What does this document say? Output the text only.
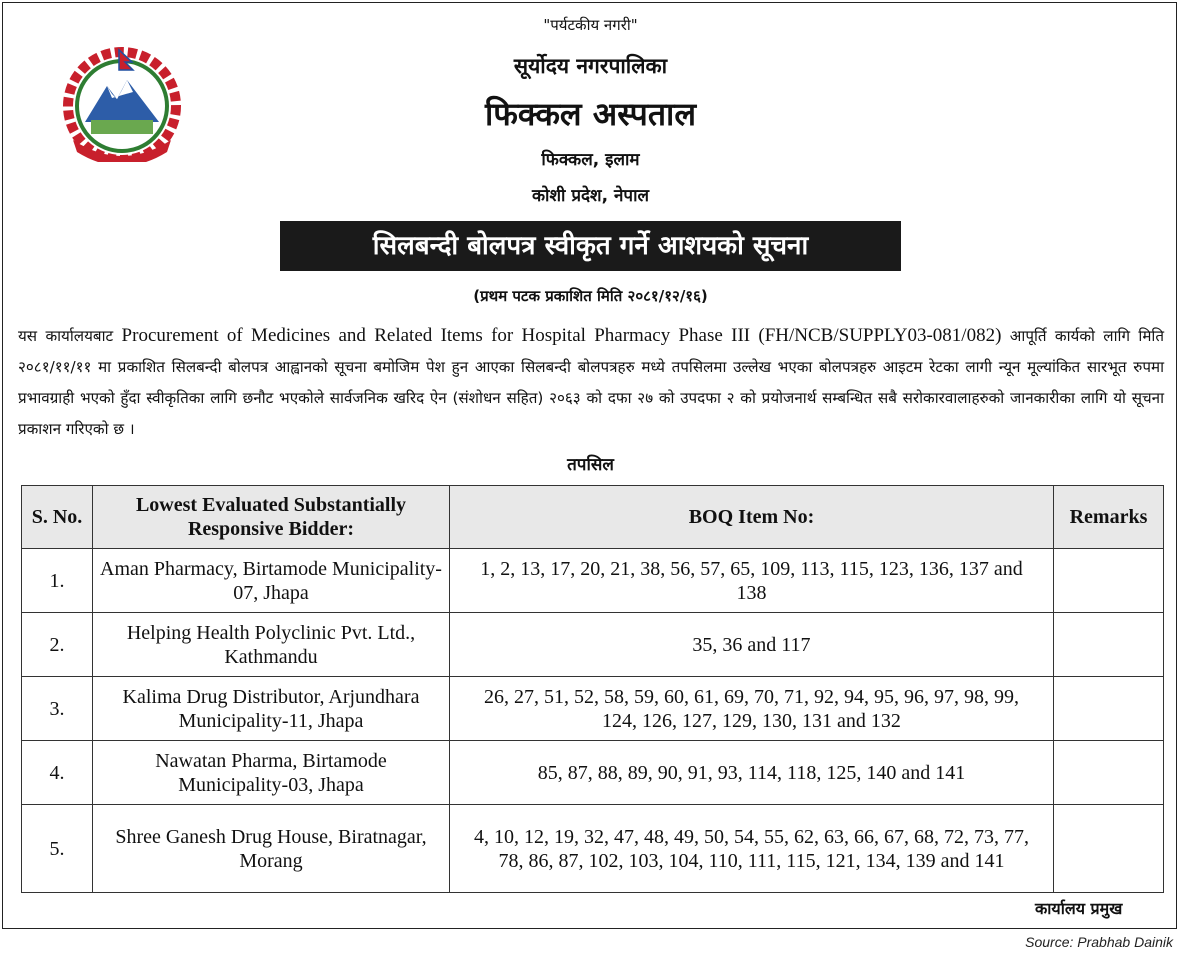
"पर्यटकीय नगरी"
सूर्योदय नगरपालिका
फिक्कल अस्पताल
फिक्कल, इलाम
कोशी प्रदेश, नेपाल
सिलबन्दी बोलपत्र स्वीकृत गर्ने आशयको सूचना
(प्रथम पटक प्रकाशित मिति २०८१/१२/१६)

यस कार्यालयबाट Procurement of Medicines and Related Items for Hospital Pharmacy Phase III (FH/NCB/SUPPLY03-081/082) आपूर्ति कार्यको लागि मिति २०८१/११/११ मा प्रकाशित सिलबन्दी बोलपत्र आह्वानको सूचना बमोजिम पेश हुन आएका सिलबन्दी बोलपत्रहरु मध्ये तपसिलमा उल्लेख भएका बोलपत्रहरु आइटम रेटका लागी न्यून मूल्यांकित सारभूत रुपमा प्रभावग्राही भएको हुँदा स्वीकृतिका लागि छनौट भएकोले सार्वजनिक खरिद ऐन (संशोधन सहित) २०६३ को दफा २७ को उपदफा २ को प्रयोजनार्थ सम्बन्धित सबै सरोकारवालाहरुको जानकारीका लागि यो सूचना प्रकाशन गरिएको छ ।

तपसिल
S. No.	Lowest Evaluated Substantially Responsive Bidder:	BOQ Item No:	Remarks
1.	Aman Pharmacy, Birtamode Municipality-07, Jhapa	1, 2, 13, 17, 20, 21, 38, 56, 57, 65, 109, 113, 115, 123, 136, 137 and 138	
2.	Helping Health Polyclinic Pvt. Ltd., Kathmandu	35, 36 and 117	
3.	Kalima Drug Distributor, Arjundhara Municipality-11, Jhapa	26, 27, 51, 52, 58, 59, 60, 61, 69, 70, 71, 92, 94, 95, 96, 97, 98, 99, 124, 126, 127, 129, 130, 131 and 132	
4.	Nawatan Pharma, Birtamode Municipality-03, Jhapa	85, 87, 88, 89, 90, 91, 93, 114, 118, 125, 140 and 141	
5.	Shree Ganesh Drug House, Biratnagar, Morang	4, 10, 12, 19, 32, 47, 48, 49, 50, 54, 55, 62, 63, 66, 67, 68, 72, 73, 77, 78, 86, 87, 102, 103, 104, 110, 111, 115, 121, 134, 139 and 141	
कार्यालय प्रमुख
Source: Prabhab Dainik
